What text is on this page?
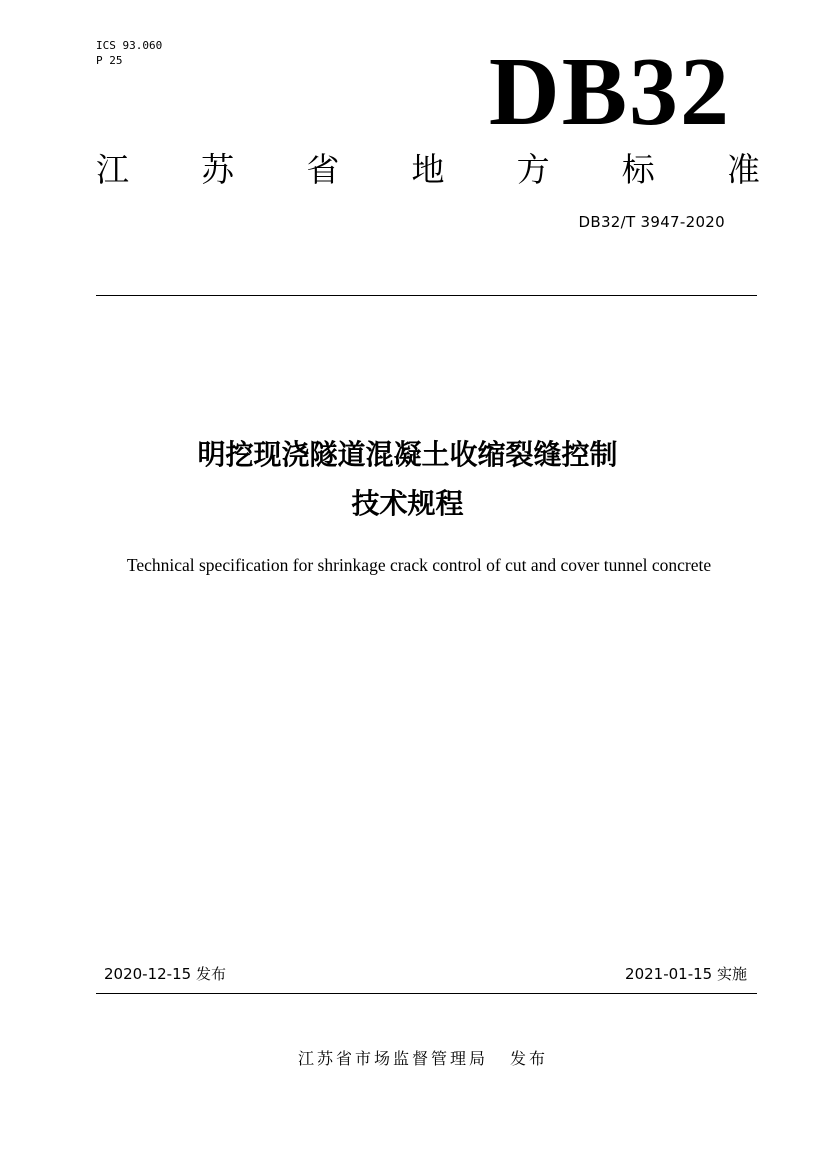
ICS 93.060
P 25	DB32
江 苏 省 地 方 标 准
DB32/T 3947-2020
明挖现浇隧道混凝土收缩裂缝控制
技术规程
Technical specification for shrinkage crack control of cut and cover tunnel concrete
2020-12-15 发布	2021-01-15 实施
江苏省市场监督管理局 发布
